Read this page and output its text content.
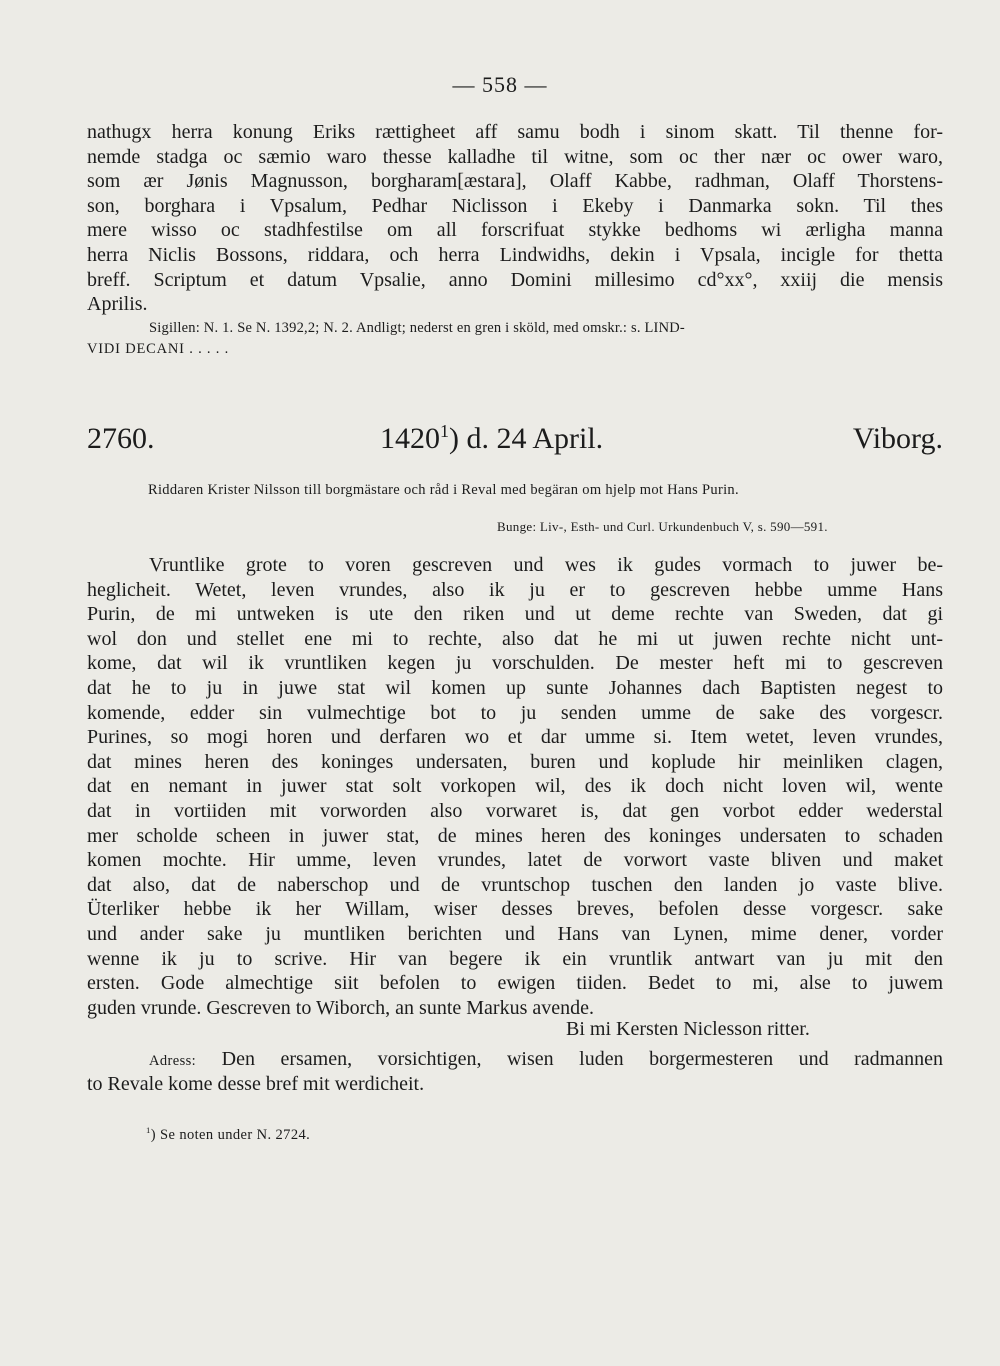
— 558 —
nathugx herra konung Eriks rættigheet aff samu bodh i sinom skatt. Til thenne for-
nemde stadga oc sæmio waro thesse kalladhe til witne, som oc ther nær oc ower waro,
som ær Jønis Magnusson, borgharam[æstara], Olaff Kabbe, radhman, Olaff Thorstens-
son, borghara i Vpsalum, Pedhar Niclisson i Ekeby i Danmarka sokn. Til thes
mere wisso oc stadhfestilse om all forscrifuat stykke bedhoms wi ærligha manna
herra Niclis Bossons, riddara, och herra Lindwidhs, dekin i Vpsala, incigle for thetta
breff. Scriptum et datum Vpsalie, anno Domini millesimo cd°xx°, xxiij die mensis
Aprilis.
Sigillen: N. 1. Se N. 1392,2; N. 2. Andligt; nederst en gren i sköld, med omskr.: s. LIND-
VIDI DECANI . . . . .
2760.	1420$^1$) d. 24 April.	Viborg.
Riddaren Krister Nilsson till borgmästare och råd i Reval med begäran om hjelp mot Hans Purin.
Bunge: Liv-, Esth- und Curl. Urkundenbuch V, s. 590—591.
Vruntlike grote to voren gescreven und wes ik gudes vormach to juwer be-
heglicheit. Wetet, leven vrundes, also ik ju er to gescreven hebbe umme Hans
Purin, de mi untweken is ute den riken und ut deme rechte van Sweden, dat gi
wol don und stellet ene mi to rechte, also dat he mi ut juwen rechte nicht unt-
kome, dat wil ik vruntliken kegen ju vorschulden. De mester heft mi to gescreven
dat he to ju in juwe stat wil komen up sunte Johannes dach Baptisten negest to
komende, edder sin vulmechtige bot to ju senden umme de sake des vorgescr.
Purines, so mogi horen und derfaren wo et dar umme si. Item wetet, leven vrundes,
dat mines heren des koninges undersaten, buren und koplude hir meinliken clagen,
dat en nemant in juwer stat solt vorkopen wil, des ik doch nicht loven wil, wente
dat in vortiiden mit vorworden also vorwaret is, dat gen vorbot edder wederstal
mer scholde scheen in juwer stat, de mines heren des koninges undersaten to schaden
komen mochte. Hir umme, leven vrundes, latet de vorwort vaste bliven und maket
dat also, dat de naberschop und de vruntschop tuschen den landen jo vaste blive.
Üterliker hebbe ik her Willam, wiser desses breves, befolen desse vorgescr. sake
und ander sake ju muntliken berichten und Hans van Lynen, mime dener, vorder
wenne ik ju to scrive. Hir van begere ik ein vruntlik antwart van ju mit den
ersten. Gode almechtige siit befolen to ewigen tiiden. Bedet to mi, alse to juwem
guden vrunde. Gescreven to Wiborch, an sunte Markus avende.
Bi mi Kersten Niclesson ritter.
Adress: Den ersamen, vorsichtigen, wisen luden borgermesteren und radmannen
to Revale kome desse bref mit werdicheit.
$^1$) Se noten under N. 2724.
